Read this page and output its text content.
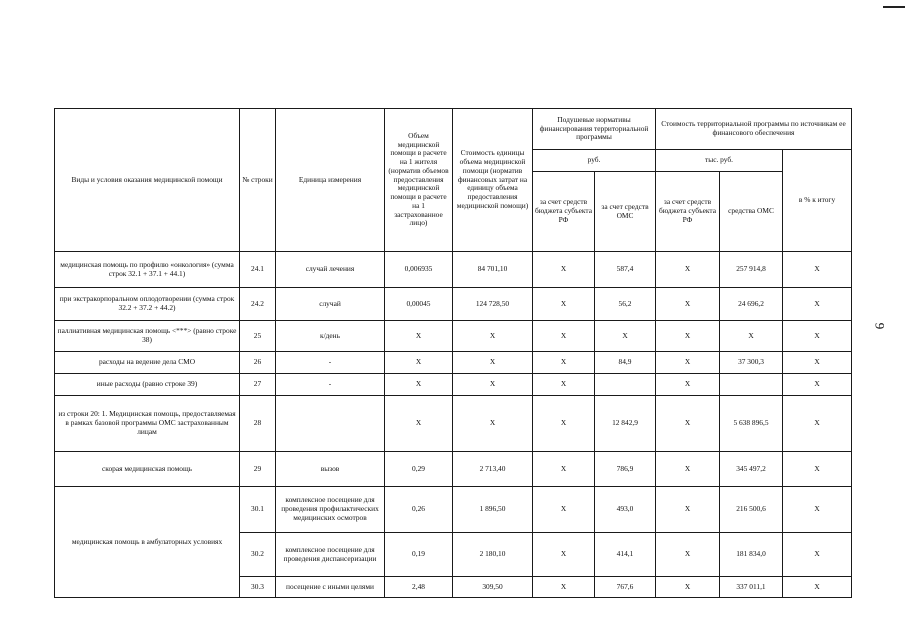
9
Виды и условия оказания медицинской помощи	№ строки	Единица измерения	Объем медицинской помощи в расчете на 1 жителя (норматив объемов предоставления медицинской помощи в расчете на 1 застрахованное лицо)	Стоимость единицы объема медицинской помощи (норматив финансовых затрат на единицу объема предоставления медицинской помощи)	Подушевые нормативы финансирования территориальной программы		Стоимость территориальной программы по источникам ее финансового обеспечения		
					руб.		тыс. руб.		в % к итогу
					за счет средств бюджета субъекта РФ	за счет средств ОМС	за счет средств бюджета субъекта РФ	средства ОМС	
медицинская помощь по профилю «онкология» (сумма строк 32.1 + 37.1 + 44.1)	24.1	случай лечения	0,006935	84 701,10	Х	587,4	Х	257 914,8	Х
при экстракорпоральном оплодотворении (сумма строк 32.2 + 37.2 + 44.2)	24.2	случай	0,00045	124 728,50	Х	56,2	Х	24 696,2	Х
паллиативная медицинская помощь <***> (равно строке 38)	25	к/день	Х	Х	Х	Х	Х	Х	Х
расходы на ведение дела СМО	26	-	Х	Х	Х	84,9	Х	37 300,3	Х
иные расходы (равно строке 39)	27	-	Х	Х	Х		Х		Х
из строки 20: 1. Медицинская помощь, предоставляемая в рамках базовой программы ОМС застрахованным лицам	28		Х	Х	Х	12 842,9	Х	5 638 896,5	Х
скорая медицинская помощь	29	вызов	0,29	2 713,40	Х	786,9	Х	345 497,2	Х
медицинская помощь в амбулаторных условиях	30.1	комплексное посещение для проведения профилактических медицинских осмотров	0,26	1 896,50	Х	493,0	Х	216 500,6	Х
	30.2	комплексное посещение для проведения диспансеризации	0,19	2 180,10	Х	414,1	Х	181 834,0	Х
	30.3	посещение с иными целями	2,48	309,50	Х	767,6	Х	337 011,1	Х
